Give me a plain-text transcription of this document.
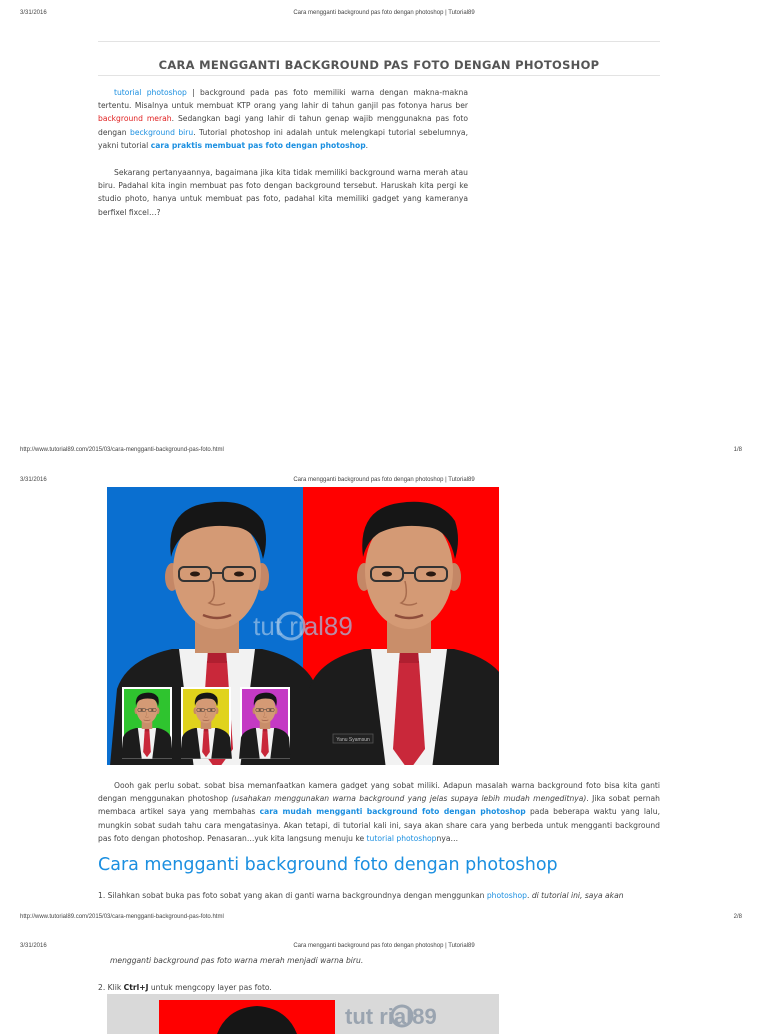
3/31/2016	Cara mengganti background pas foto dengan photoshop | Tutorial89
CARA MENGGANTI BACKGROUND PAS FOTO DENGAN PHOTOSHOP

tutorial photoshop | background pada pas foto memiliki warna dengan makna-makna tertentu. Misalnya untuk membuat KTP orang yang lahir di tahun ganjil pas fotonya harus ber background merah. Sedangkan bagi yang lahir di tahun genap wajib menggunakna pas foto dengan beckground biru. Tutorial photoshop ini adalah untuk melengkapi tutorial sebelumnya, yakni tutorial cara praktis membuat pas foto dengan photoshop.

Sekarang pertanyaannya, bagaimana jika kita tidak memiliki background warna merah atau biru. Padahal kita ingin membuat pas foto dengan background tersebut. Haruskah kita pergi ke studio photo, hanya untuk membuat pas foto, padahal kita memiliki gadget yang kameranya berfixel fixcel…?

http://www.tutorial89.com/2015/03/cara-mengganti-background-pas-foto.html	1/8
3/31/2016	Cara mengganti background pas foto dengan photoshop | Tutorial89
tut rial89
Yanu Syamsun

Oooh gak perlu sobat. sobat bisa memanfaatkan kamera gadget yang sobat miliki. Adapun masalah warna background foto bisa kita ganti dengan menggunakan photoshop (usahakan menggunakan warna background yang jelas supaya lebih mudah mengeditnya). Jika sobat pernah membaca artikel saya yang membahas cara mudah mengganti background foto dengan photoshop pada beberapa waktu yang lalu, mungkin sobat sudah tahu cara mengatasinya. Akan tetapi, di tutorial kali ini, saya akan share cara yang berbeda untuk mengganti background pas foto dengan photoshop. Penasaran…yuk kita langsung menuju ke tutorial photoshopnya…

Cara mengganti background foto dengan photoshop

1. Silahkan sobat buka pas foto sobat yang akan di ganti warna backgroundnya dengan menggunkan photoshop. di tutorial ini, saya akan

http://www.tutorial89.com/2015/03/cara-mengganti-background-pas-foto.html	2/8
3/31/2016	Cara mengganti background pas foto dengan photoshop | Tutorial89

mengganti background pas foto warna merah menjadi warna biru.

2. Klik Ctrl+J untuk mengcopy layer pas foto.

tut rial89
